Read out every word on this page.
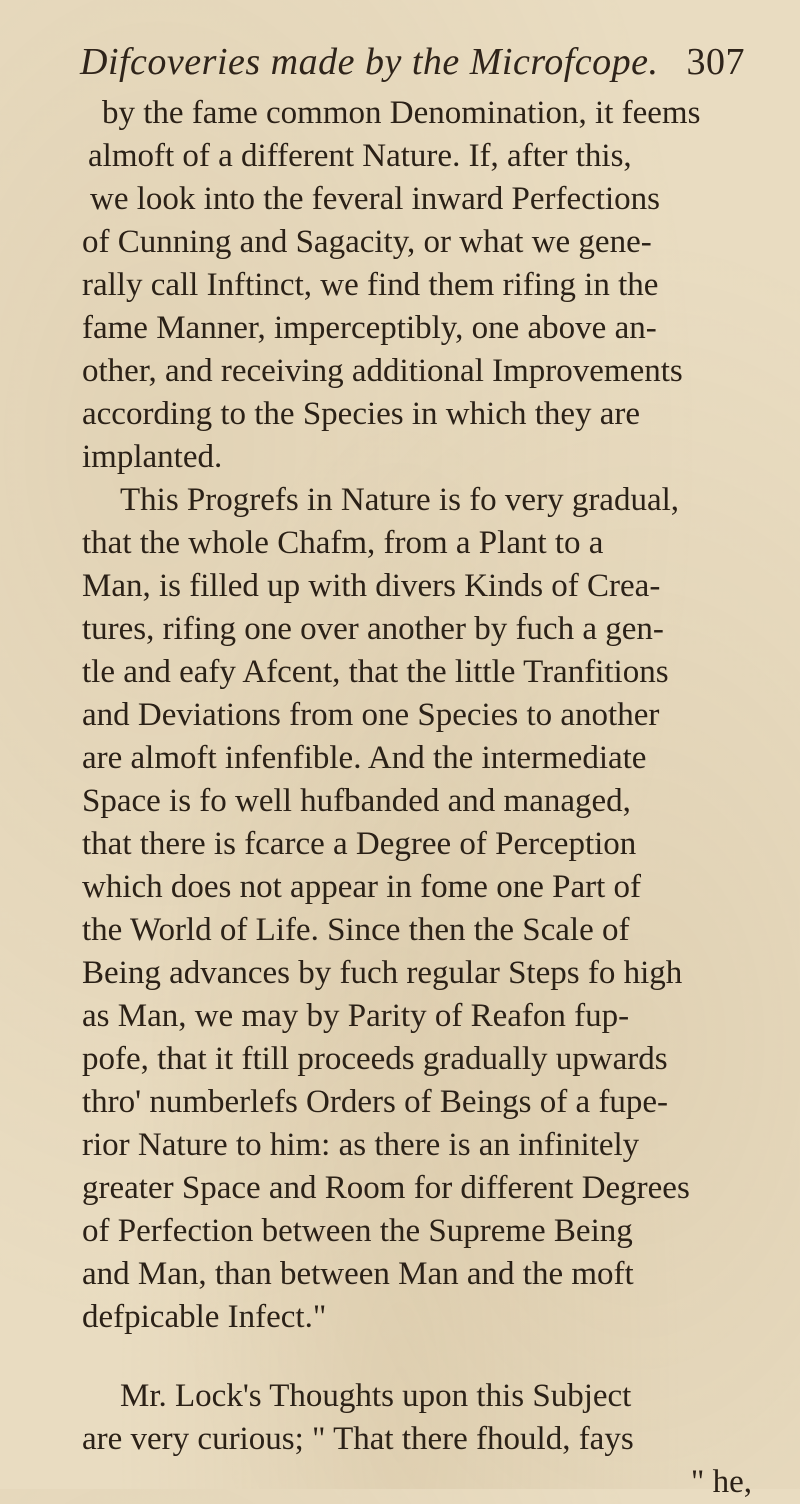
Difcoveries made by the Microfcope. 307
by the fame common Denomination, it feems
almoft of a different Nature. If, after this,
we look into the feveral inward Perfections
of Cunning and Sagacity, or what we gene-
rally call Inftinct, we find them rifing in the
fame Manner, imperceptibly, one above an-
other, and receiving additional Improvements
according to the Species in which they are
implanted.
This Progrefs in Nature is fo very gradual,
that the whole Chafm, from a Plant to a
Man, is filled up with divers Kinds of Crea-
tures, rifing one over another by fuch a gen-
tle and eafy Afcent, that the little Tranfitions
and Deviations from one Species to another
are almoft infenfible. And the intermediate
Space is fo well hufbanded and managed,
that there is fcarce a Degree of Perception
which does not appear in fome one Part of
the World of Life. Since then the Scale of
Being advances by fuch regular Steps fo high
as Man, we may by Parity of Reafon fup-
pofe, that it ftill proceeds gradually upwards
thro' numberlefs Orders of Beings of a fupe-
rior Nature to him: as there is an infinitely
greater Space and Room for different Degrees
of Perfection between the Supreme Being
and Man, than between Man and the moft
defpicable Infect."
Mr. Lock's Thoughts upon this Subject
are very curious; " That there fhould, fays
" he,
